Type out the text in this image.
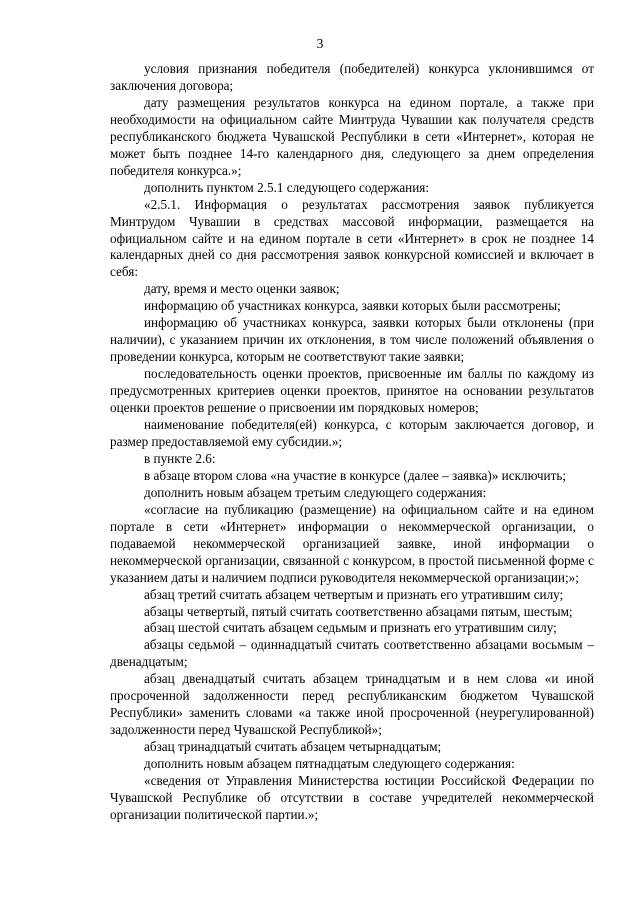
3

условия признания победителя (победителей) конкурса уклонившимся от заключения договора;

дату размещения результатов конкурса на едином портале, а также при необходимости на официальном сайте Минтруда Чувашии как получателя средств республиканского бюджета Чувашской Республики в сети «Интернет», которая не может быть позднее 14-го календарного дня, следующего за днем определения победителя конкурса.»;

дополнить пунктом 2.5.1 следующего содержания:

«2.5.1. Информация о результатах рассмотрения заявок публикуется Минтрудом Чувашии в средствах массовой информации, размещается на официальном сайте и на едином портале в сети «Интернет» в срок не позднее 14 календарных дней со дня рассмотрения заявок конкурсной комиссией и включает в себя:

дату, время и место оценки заявок;

информацию об участниках конкурса, заявки которых были рассмотрены;

информацию об участниках конкурса, заявки которых были отклонены (при наличии), с указанием причин их отклонения, в том числе положений объявления о проведении конкурса, которым не соответствуют такие заявки;

последовательность оценки проектов, присвоенные им баллы по каждому из предусмотренных критериев оценки проектов, принятое на основании результатов оценки проектов решение о присвоении им порядковых номеров;

наименование победителя(ей) конкурса, с которым заключается договор, и размер предоставляемой ему субсидии.»;

в пункте 2.6:

в абзаце втором слова «на участие в конкурсе (далее – заявка)» исключить;

дополнить новым абзацем третьим следующего содержания:

«согласие на публикацию (размещение) на официальном сайте и на едином портале в сети «Интернет» информации о некоммерческой организации, о подаваемой некоммерческой организацией заявке, иной информации о некоммерческой организации, связанной с конкурсом, в простой письменной форме с указанием даты и наличием подписи руководителя некоммерческой организации;»;

абзац третий считать абзацем четвертым и признать его утратившим силу;

абзацы четвертый, пятый считать соответственно абзацами пятым, шестым;

абзац шестой считать абзацем седьмым и признать его утратившим силу;

абзацы седьмой – одиннадцатый считать соответственно абзацами восьмым – двенадцатым;

абзац двенадцатый считать абзацем тринадцатым и в нем слова «и иной просроченной задолженности перед республиканским бюджетом Чувашской Республики» заменить словами «а также иной просроченной (неурегулированной) задолженности перед Чувашской Республикой»;

абзац тринадцатый считать абзацем четырнадцатым;

дополнить новым абзацем пятнадцатым следующего содержания:

«сведения от Управления Министерства юстиции Российской Федерации по Чувашской Республике об отсутствии в составе учредителей некоммерческой организации политической партии.»;
